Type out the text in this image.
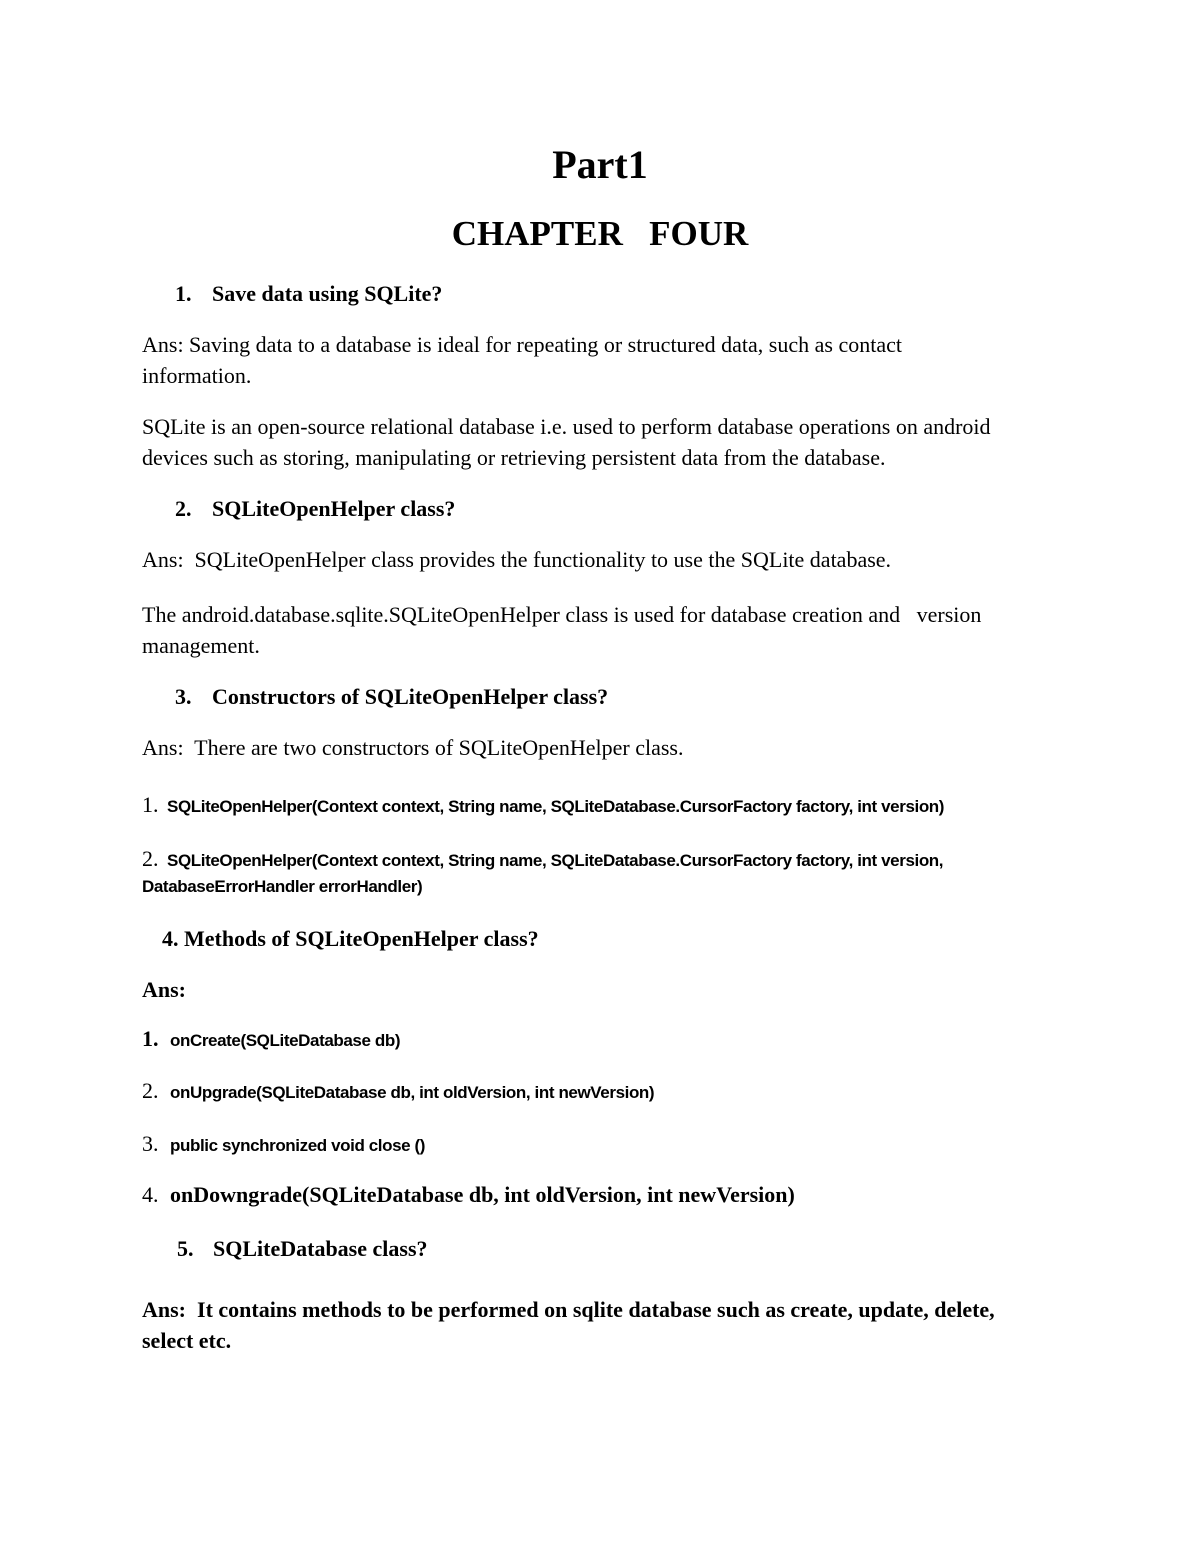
Part1
CHAPTER   FOUR
1. Save data using SQLite?
Ans: Saving data to a database is ideal for repeating or structured data, such as contact
information.
SQLite is an open-source relational database i.e. used to perform database operations on android
devices such as storing, manipulating or retrieving persistent data from the database.
2. SQLiteOpenHelper class?
Ans:  SQLiteOpenHelper class provides the functionality to use the SQLite database.
The android.database.sqlite.SQLiteOpenHelper class is used for database creation and   version
management.
3. Constructors of SQLiteOpenHelper class?
Ans:  There are two constructors of SQLiteOpenHelper class.
1. SQLiteOpenHelper(Context context, String name, SQLiteDatabase.CursorFactory factory, int version)
2. SQLiteOpenHelper(Context context, String name, SQLiteDatabase.CursorFactory factory, int version,
DatabaseErrorHandler errorHandler)
4. Methods of SQLiteOpenHelper class?
Ans:
1. onCreate(SQLiteDatabase db)
2. onUpgrade(SQLiteDatabase db, int oldVersion, int newVersion)
3. public synchronized void close ()
4. onDowngrade(SQLiteDatabase db, int oldVersion, int newVersion)
5. SQLiteDatabase class?
Ans:  It contains methods to be performed on sqlite database such as create, update, delete,
select etc.
